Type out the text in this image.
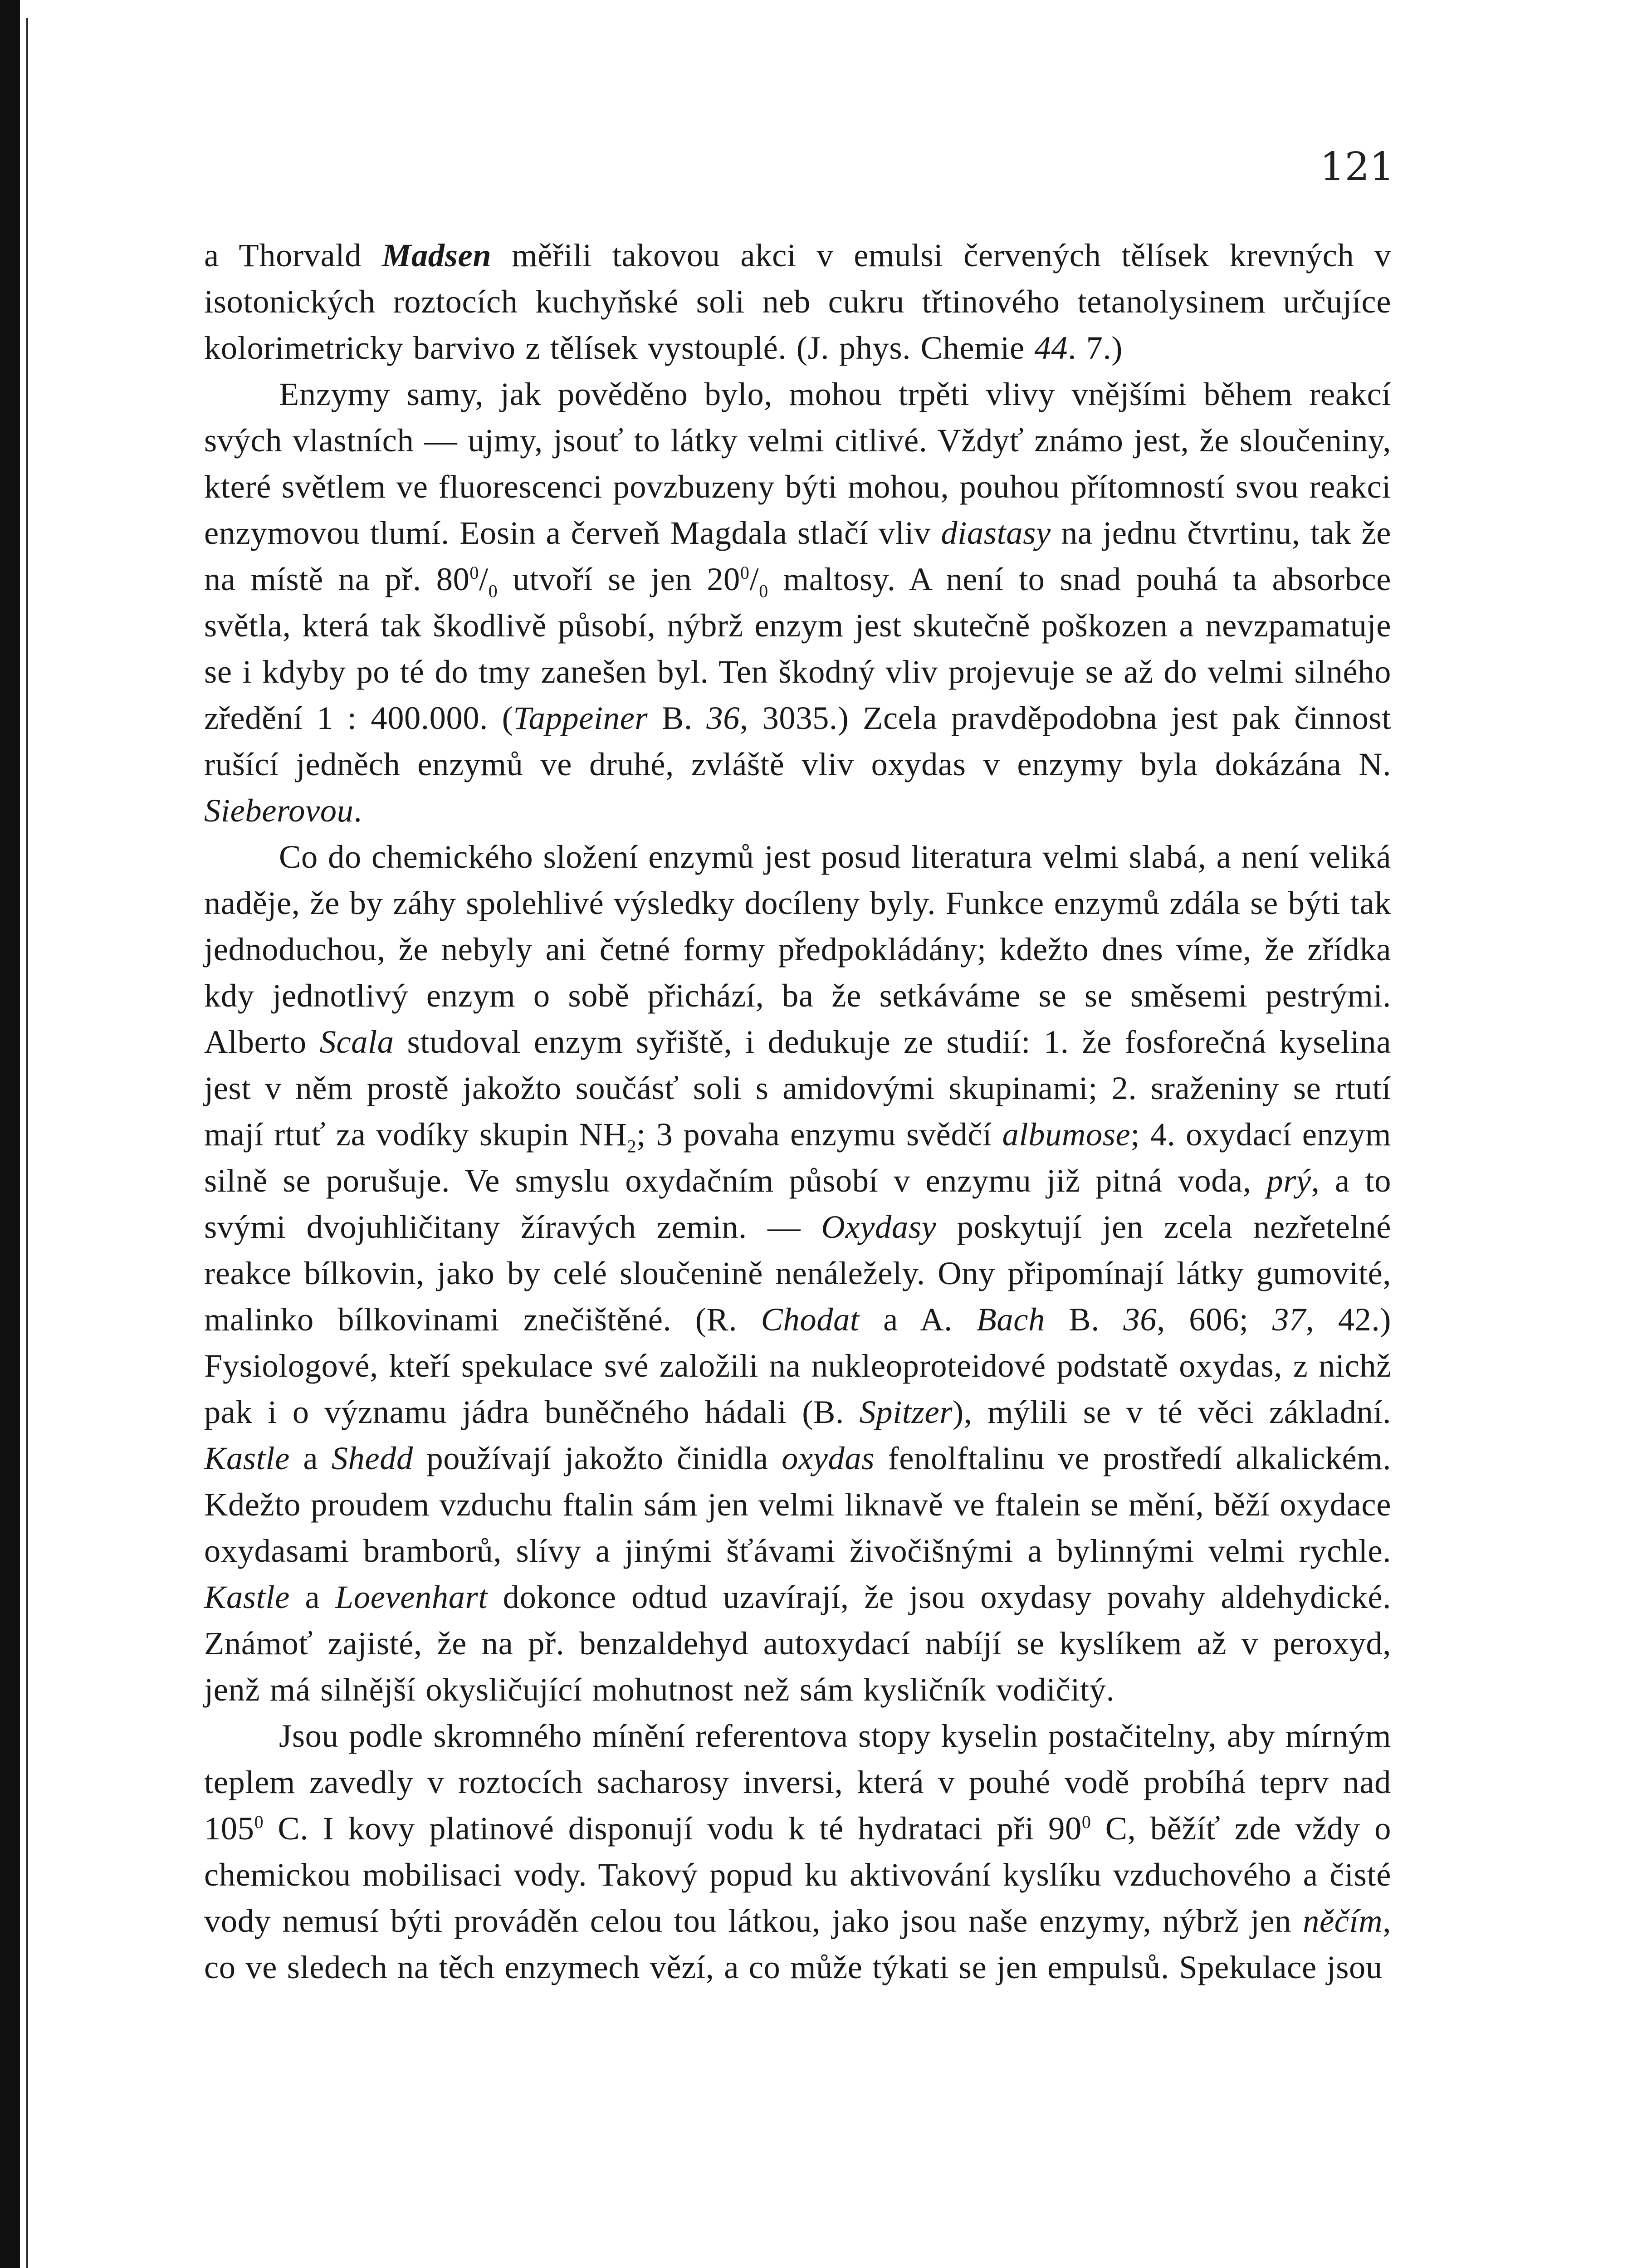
121

a Thorvald Madsen měřili takovou akci v emulsi červených tělísek krevných v isotonických roztocích kuchyňské soli neb cukru třtinového tetanolysinem určujíce kolorimetricky barvivo z tělísek vystouplé. (J. phys. Chemie 44. 7.)

Enzymy samy, jak pověděno bylo, mohou trpěti vlivy vnějšími během reakcí svých vlastních — ujmy, jsouť to látky velmi citlivé. Vždyť známo jest, že sloučeniny, které světlem ve fluorescenci povzbuzeny býti mohou, pouhou přítomností svou reakci enzymovou tlumí. Eosin a červeň Magdala stlačí vliv diastasy na jednu čtvrtinu, tak že na místě na př. $80^0/_0$ utvoří se jen $20^0/_0$ maltosy. A není to snad pouhá ta absorbce světla, která tak škodlivě působí, nýbrž enzym jest skutečně poškozen a nevzpamatuje se i kdyby po té do tmy zanešen byl. Ten škodný vliv projevuje se až do velmi silného zředění 1 : 400.000. (Tappeiner B. 36, 3035.) Zcela pravděpodobna jest pak činnost rušící jedněch enzymů ve druhé, zvláště vliv oxydas v enzymy byla dokázána N. Sieberovou.

Co do chemického složení enzymů jest posud literatura velmi slabá, a není veliká naděje, že by záhy spolehlivé výsledky docíleny byly. Funkce enzymů zdála se býti tak jednoduchou, že nebyly ani četné formy předpokládány; kdežto dnes víme, že zřídka kdy jednotlivý enzym o sobě přichází, ba že setkáváme se se směsemi pestrými. Alberto Scala studoval enzym syřiště, i dedukuje ze studií: 1. že fosforečná kyselina jest v něm prostě jakožto součásť soli s amidovými skupinami; 2. sraženiny se rtutí mají rtuť za vodíky skupin $NH_2$; 3 povaha enzymu svědčí albumose; 4. oxydací enzym silně se porušuje. Ve smyslu oxydačním působí v enzymu již pitná voda, prý, a to svými dvojuhličitany žíravých zemin. — Oxydasy poskytují jen zcela nezřetelné reakce bílkovin, jako by celé sloučenině nenáležely. Ony připomínají látky gumovité, malinko bílkovinami znečištěné. (R. Chodat a A. Bach B. 36, 606; 37, 42.) Fysiologové, kteří spekulace své založili na nukleoproteidové podstatě oxydas, z nichž pak i o významu jádra buněčného hádali (B. Spitzer), mýlili se v té věci základní. Kastle a Shedd používají jakožto činidla oxydas fenolftalinu ve prostředí alkalickém. Kdežto proudem vzduchu ftalin sám jen velmi liknavě ve ftalein se mění, běží oxydace oxydasami bramborů, slívy a jinými šťávami živočišnými a bylinnými velmi rychle. Kastle a Loevenhart dokonce odtud uzavírají, že jsou oxydasy povahy aldehydické. Známoť zajisté, že na př. benzaldehyd autoxydací nabíjí se kyslíkem až v peroxyd, jenž má silnější okysličující mohutnost než sám kysličník vodičitý.

Jsou podle skromného mínění referentova stopy kyselin postačitelny, aby mírným teplem zavedly v roztocích sacharosy inversi, která v pouhé vodě probíhá teprv nad $105^0$ C. I kovy platinové disponují vodu k té hydrataci při $90^0$ C, běžíť zde vždy o chemickou mobilisaci vody. Takový popud ku aktivování kyslíku vzduchového a čisté vody nemusí býti prováděn celou tou látkou, jako jsou naše enzymy, nýbrž jen něčím, co ve sledech na těch enzymech vězí, a co může týkati se jen empulsů. Spekulace jsou
